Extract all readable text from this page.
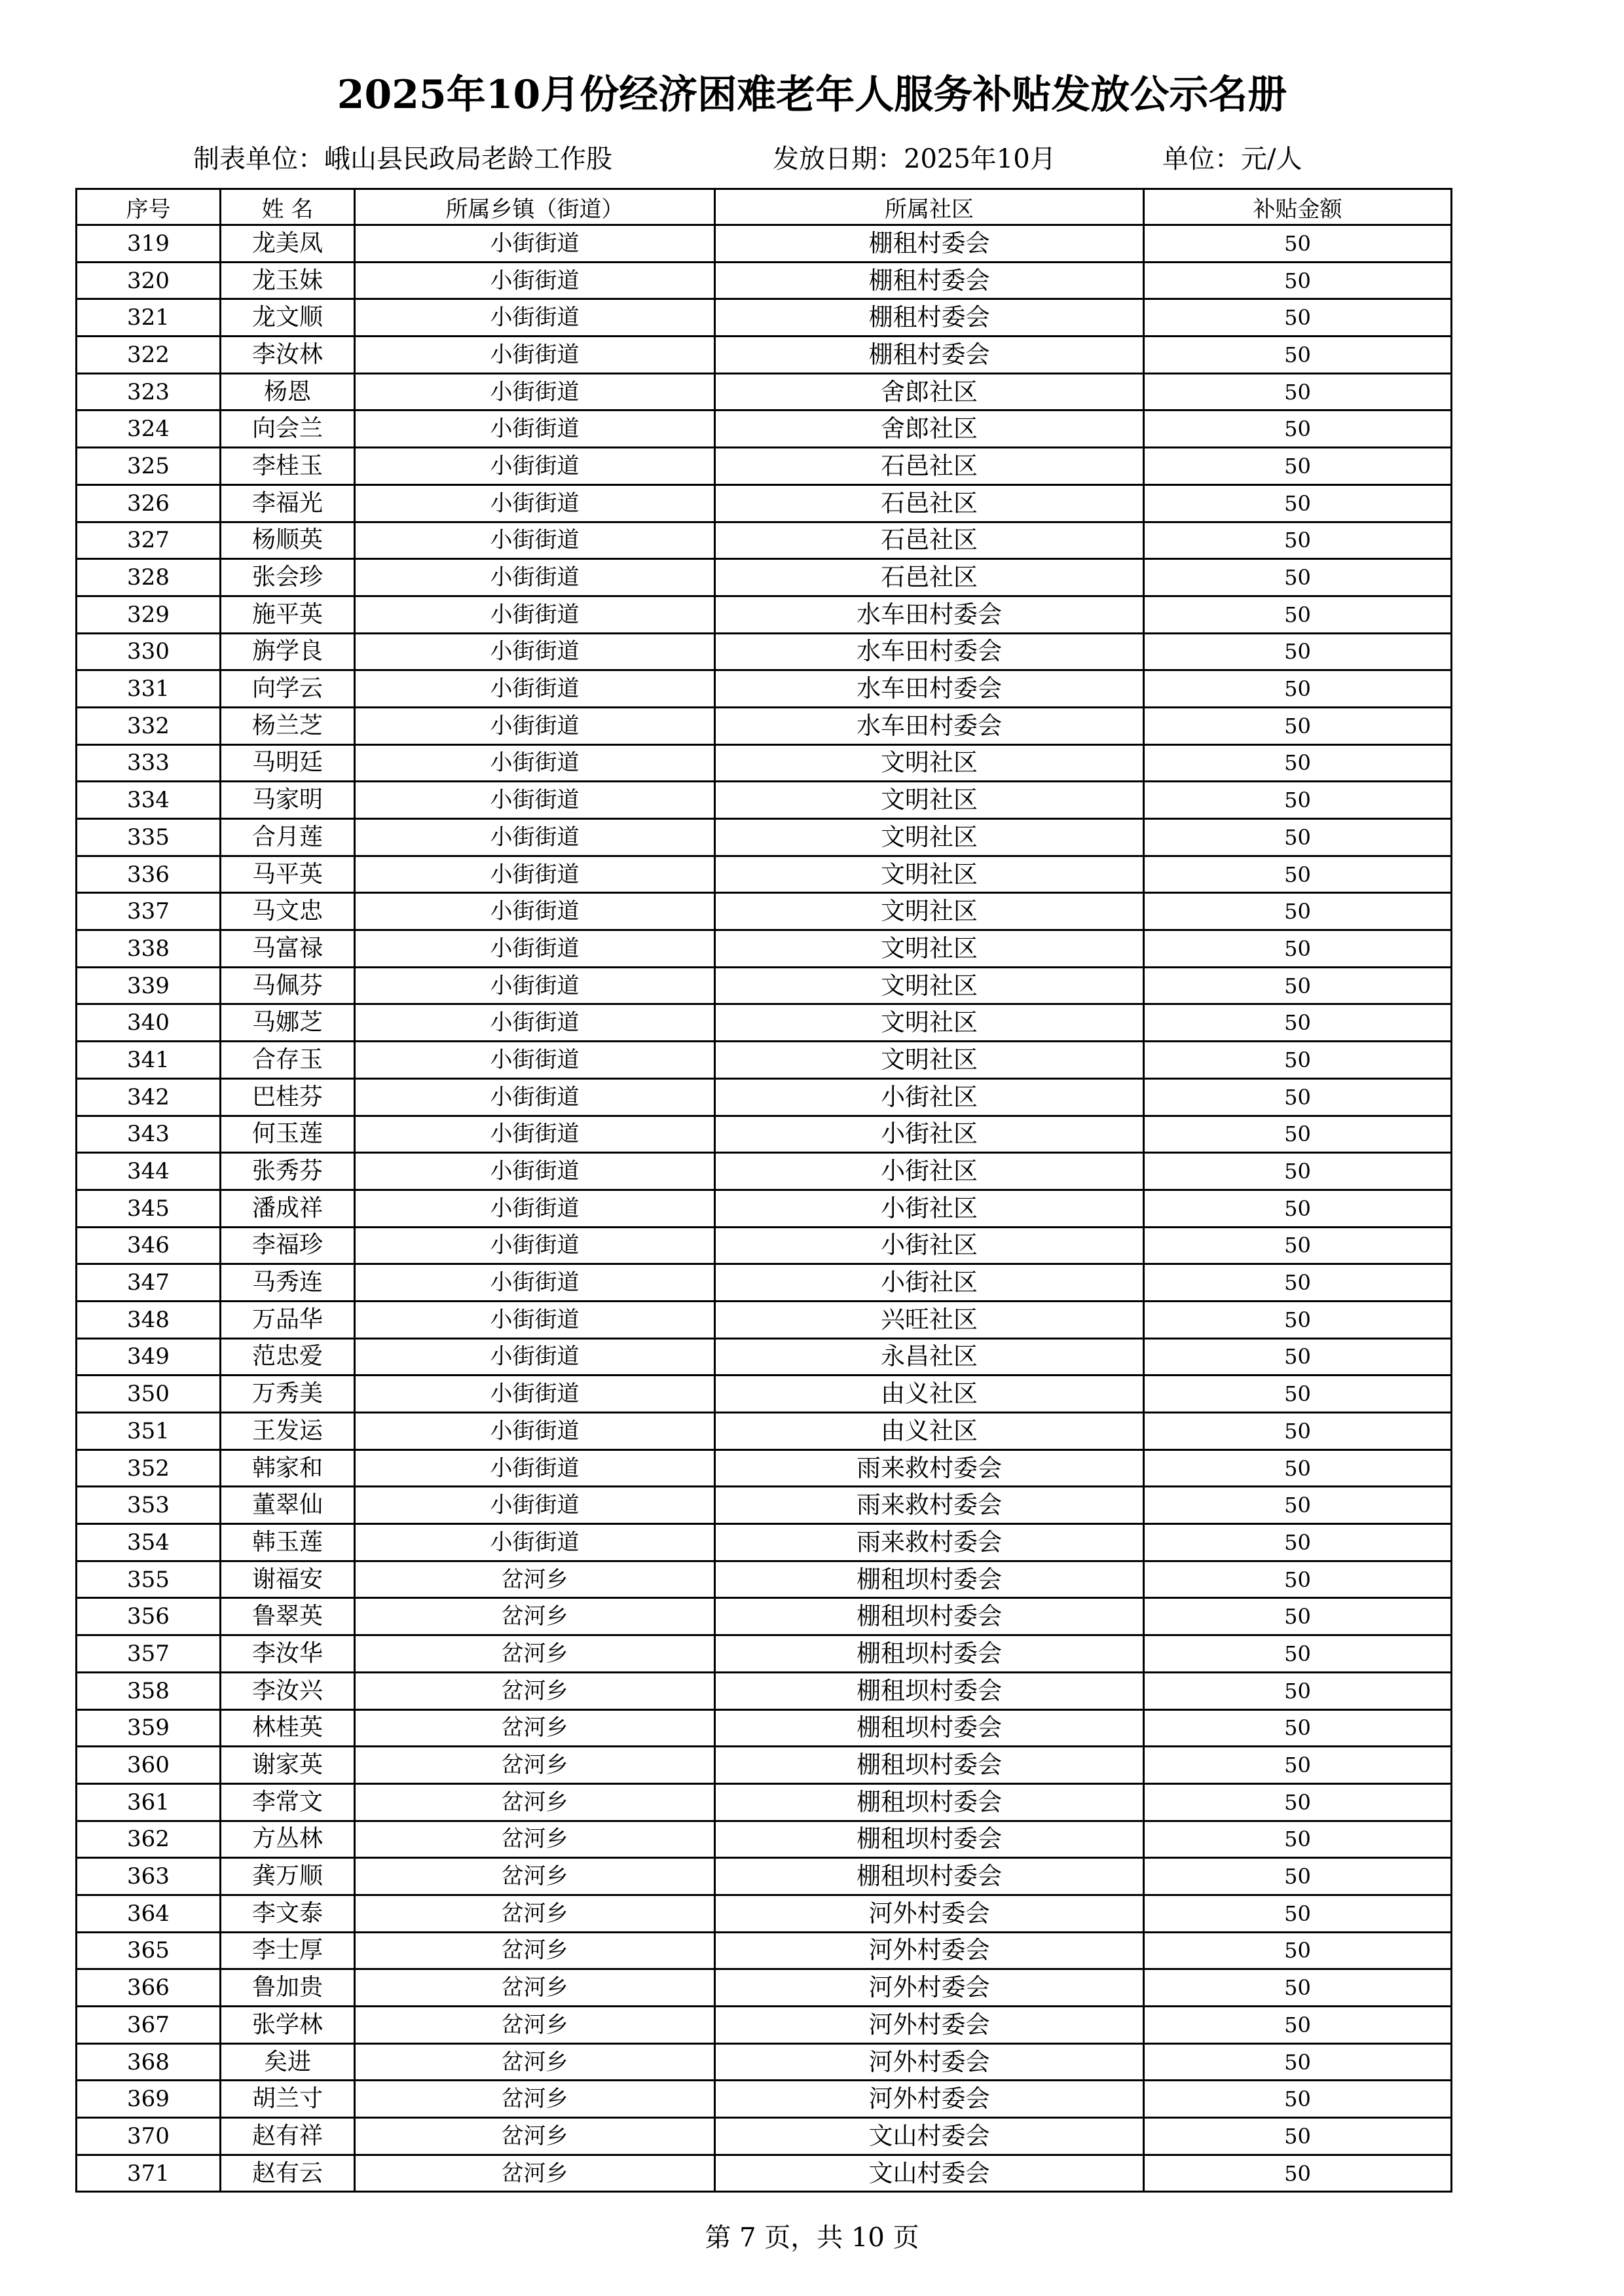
2025年10月份经济困难老年人服务补贴发放公示名册
制表单位：峨山县民政局老龄工作股	发放日期：2025年10月	单位：元/人
序号	姓 名	所属乡镇（街道）	所属社区	补贴金额
319	龙美凤	小街街道	棚租村委会	50
320	龙玉妹	小街街道	棚租村委会	50
321	龙文顺	小街街道	棚租村委会	50
322	李汝林	小街街道	棚租村委会	50
323	杨恩	小街街道	舍郎社区	50
324	向会兰	小街街道	舍郎社区	50
325	李桂玉	小街街道	石邑社区	50
326	李福光	小街街道	石邑社区	50
327	杨顺英	小街街道	石邑社区	50
328	张会珍	小街街道	石邑社区	50
329	施平英	小街街道	水车田村委会	50
330	旃学良	小街街道	水车田村委会	50
331	向学云	小街街道	水车田村委会	50
332	杨兰芝	小街街道	水车田村委会	50
333	马明廷	小街街道	文明社区	50
334	马家明	小街街道	文明社区	50
335	合月莲	小街街道	文明社区	50
336	马平英	小街街道	文明社区	50
337	马文忠	小街街道	文明社区	50
338	马富禄	小街街道	文明社区	50
339	马佩芬	小街街道	文明社区	50
340	马娜芝	小街街道	文明社区	50
341	合存玉	小街街道	文明社区	50
342	巴桂芬	小街街道	小街社区	50
343	何玉莲	小街街道	小街社区	50
344	张秀芬	小街街道	小街社区	50
345	潘成祥	小街街道	小街社区	50
346	李福珍	小街街道	小街社区	50
347	马秀连	小街街道	小街社区	50
348	万品华	小街街道	兴旺社区	50
349	范忠爱	小街街道	永昌社区	50
350	万秀美	小街街道	由义社区	50
351	王发运	小街街道	由义社区	50
352	韩家和	小街街道	雨来救村委会	50
353	董翠仙	小街街道	雨来救村委会	50
354	韩玉莲	小街街道	雨来救村委会	50
355	谢福安	岔河乡	棚租坝村委会	50
356	鲁翠英	岔河乡	棚租坝村委会	50
357	李汝华	岔河乡	棚租坝村委会	50
358	李汝兴	岔河乡	棚租坝村委会	50
359	林桂英	岔河乡	棚租坝村委会	50
360	谢家英	岔河乡	棚租坝村委会	50
361	李常文	岔河乡	棚租坝村委会	50
362	方丛林	岔河乡	棚租坝村委会	50
363	龚万顺	岔河乡	棚租坝村委会	50
364	李文泰	岔河乡	河外村委会	50
365	李士厚	岔河乡	河外村委会	50
366	鲁加贵	岔河乡	河外村委会	50
367	张学林	岔河乡	河外村委会	50
368	矣进	岔河乡	河外村委会	50
369	胡兰寸	岔河乡	河外村委会	50
370	赵有祥	岔河乡	文山村委会	50
371	赵有云	岔河乡	文山村委会	50
第 7 页，共 10 页
